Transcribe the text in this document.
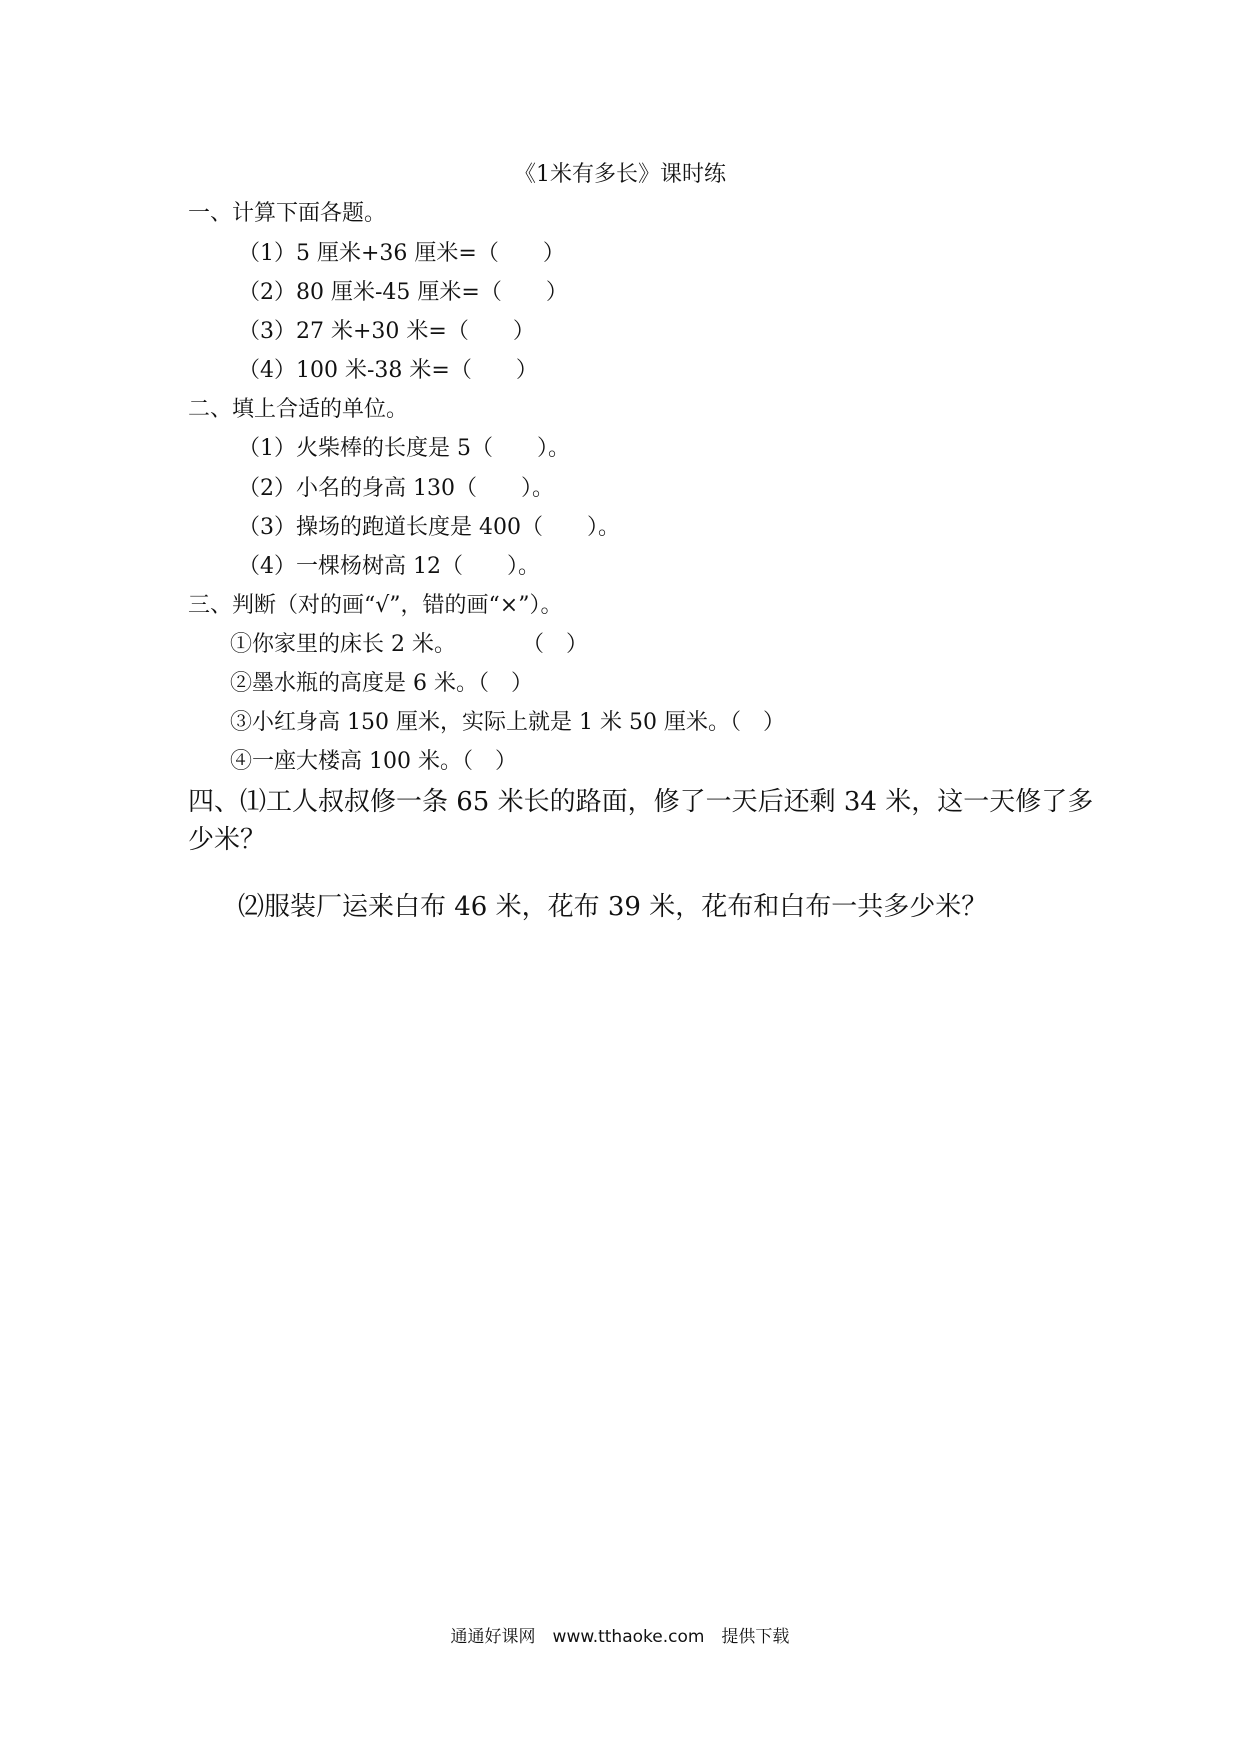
《1米有多长》课时练
一、计算下面各题。
（1）5 厘米+36 厘米=（　　）
（2）80 厘米-45 厘米=（　　）
（3）27 米+30 米=（　　）
（4）100 米-38 米=（　　）
二、填上合适的单位。
（1）火柴棒的长度是 5（　　）。
（2）小名的身高 130（　　）。
（3）操场的跑道长度是 400（　　）。
（4）一棵杨树高 12（　　）。
三、判断（对的画“√”，错的画“×”）。
①你家里的床长 2 米。　　　　（　）
②墨水瓶的高度是 6 米。（　）
③小红身高 150 厘米，实际上就是 1 米 50 厘米。（　）
④一座大楼高 100 米。（　）
四、⑴工人叔叔修一条 65 米长的路面，修了一天后还剩 34 米，这一天修了多
少米？
⑵服装厂运来白布 46 米，花布 39 米，花布和白布一共多少米？
通通好课网　www.tthaoke.com　提供下载
